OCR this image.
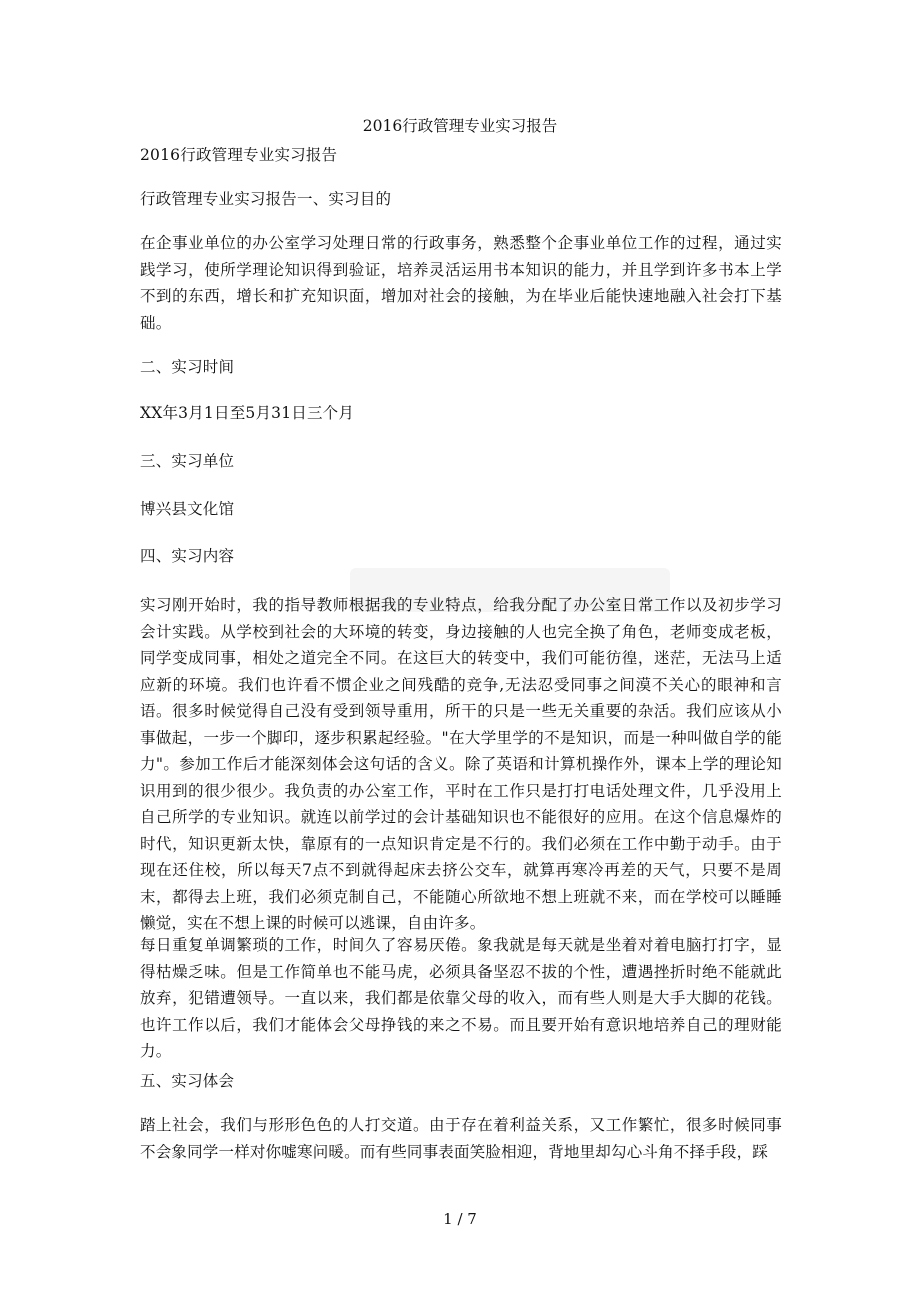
2016行政管理专业实习报告

2016行政管理专业实习报告

行政管理专业实习报告一、实习目的

在企事业单位的办公室学习处理日常的行政事务，熟悉整个企事业单位工作的过程，通过实践学习，使所学理论知识得到验证，培养灵活运用书本知识的能力，并且学到许多书本上学不到的东西，增长和扩充知识面，增加对社会的接触，为在毕业后能快速地融入社会打下基础。

二、实习时间

XX年3月1日至5月31日三个月

三、实习单位

博兴县文化馆

四、实习内容

实习刚开始时，我的指导教师根据我的专业特点，给我分配了办公室日常工作以及初步学习会计实践。从学校到社会的大环境的转变，身边接触的人也完全换了角色，老师变成老板，同学变成同事，相处之道完全不同。在这巨大的转变中，我们可能彷徨，迷茫，无法马上适应新的环境。我们也许看不惯企业之间残酷的竞争,无法忍受同事之间漠不关心的眼神和言语。很多时候觉得自己没有受到领导重用，所干的只是一些无关重要的杂活。我们应该从小事做起，一步一个脚印，逐步积累起经验。"在大学里学的不是知识，而是一种叫做自学的能力"。参加工作后才能深刻体会这句话的含义。除了英语和计算机操作外，课本上学的理论知识用到的很少很少。我负责的办公室工作，平时在工作只是打打电话处理文件，几乎没用上自己所学的专业知识。就连以前学过的会计基础知识也不能很好的应用。在这个信息爆炸的时代，知识更新太快，靠原有的一点知识肯定是不行的。我们必须在工作中勤于动手。由于现在还住校，所以每天7点不到就得起床去挤公交车，就算再寒冷再差的天气，只要不是周末，都得去上班，我们必须克制自己，不能随心所欲地不想上班就不来，而在学校可以睡睡懒觉，实在不想上课的时候可以逃课，自由许多。

每日重复单调繁琐的工作，时间久了容易厌倦。象我就是每天就是坐着对着电脑打打字，显得枯燥乏味。但是工作简单也不能马虎，必须具备坚忍不拔的个性，遭遇挫折时绝不能就此放弃，犯错遭领导。一直以来，我们都是依靠父母的收入，而有些人则是大手大脚的花钱。也许工作以后，我们才能体会父母挣钱的来之不易。而且要开始有意识地培养自己的理财能力。

五、实习体会

踏上社会，我们与形形色色的人打交道。由于存在着利益关系，又工作繁忙，很多时候同事不会象同学一样对你嘘寒问暖。而有些同事表面笑脸相迎，背地里却勾心斗角不择手段，踩

1 / 7
